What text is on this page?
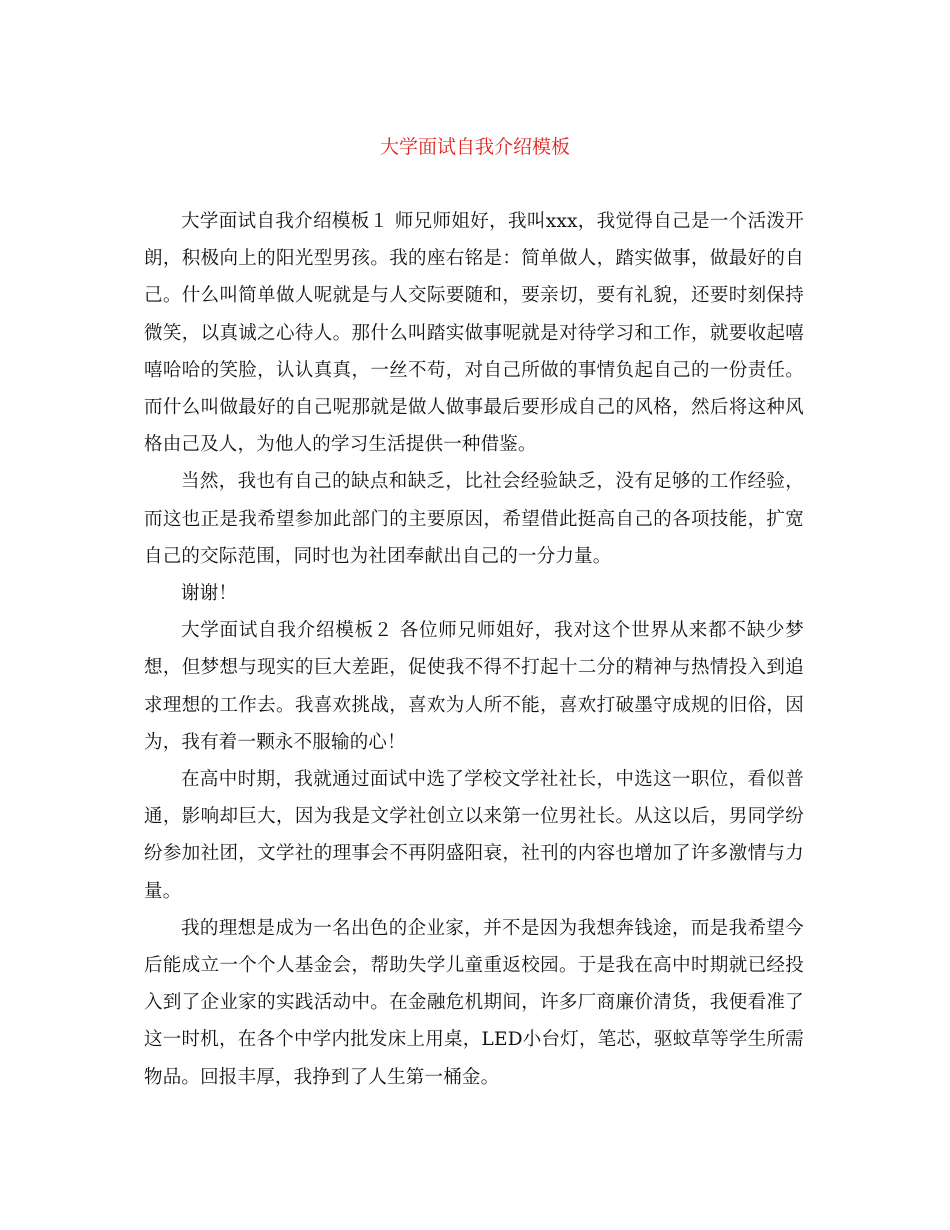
大学面试自我介绍模板

大学面试自我介绍模板１ 师兄师姐好，我叫xxx，我觉得自己是一个活泼开朗，积极向上的阳光型男孩。我的座右铭是：简单做人，踏实做事，做最好的自己。什么叫简单做人呢就是与人交际要随和，要亲切，要有礼貌，还要时刻保持微笑，以真诚之心待人。那什么叫踏实做事呢就是对待学习和工作，就要收起嘻嘻哈哈的笑脸，认认真真，一丝不苟，对自己所做的事情负起自己的一份责任。而什么叫做最好的自己呢那就是做人做事最后要形成自己的风格，然后将这种风格由己及人，为他人的学习生活提供一种借鉴。

当然，我也有自己的缺点和缺乏，比社会经验缺乏，没有足够的工作经验，而这也正是我希望参加此部门的主要原因，希望借此挺高自己的各项技能，扩宽自己的交际范围，同时也为社团奉献出自己的一分力量。

谢谢！

大学面试自我介绍模板２ 各位师兄师姐好，我对这个世界从来都不缺少梦想，但梦想与现实的巨大差距，促使我不得不打起十二分的精神与热情投入到追求理想的工作去。我喜欢挑战，喜欢为人所不能，喜欢打破墨守成规的旧俗，因为，我有着一颗永不服输的心！

在高中时期，我就通过面试中选了学校文学社社长，中选这一职位，看似普通，影响却巨大，因为我是文学社创立以来第一位男社长。从这以后，男同学纷纷参加社团，文学社的理事会不再阴盛阳衰，社刊的内容也增加了许多激情与力量。

我的理想是成为一名出色的企业家，并不是因为我想奔钱途，而是我希望今后能成立一个个人基金会，帮助失学儿童重返校园。于是我在高中时期就已经投入到了企业家的实践活动中。在金融危机期间，许多厂商廉价清货，我便看准了这一时机，在各个中学内批发床上用桌，LED小台灯，笔芯，驱蚊草等学生所需物品。回报丰厚，我挣到了人生第一桶金。
